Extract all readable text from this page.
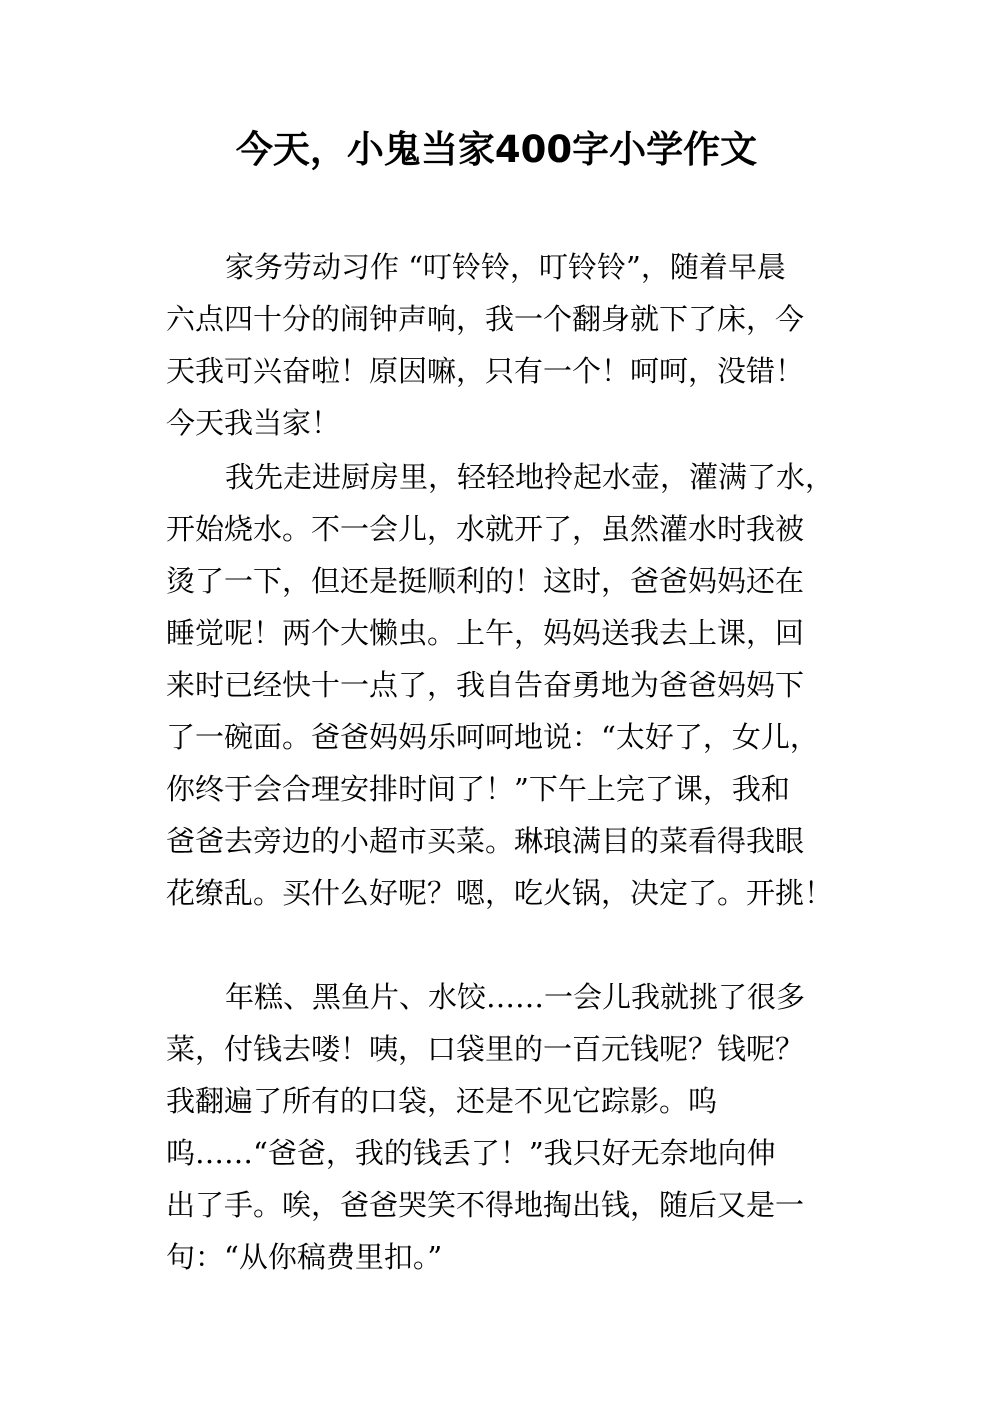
今天，小鬼当家400字小学作文
家务劳动习作 “叮铃铃，叮铃铃”，随着早晨
六点四十分的闹钟声响，我一个翻身就下了床，今
天我可兴奋啦！原因嘛，只有一个！呵呵，没错！
今天我当家！
我先走进厨房里，轻轻地拎起水壶，灌满了水，
开始烧水。不一会儿，水就开了，虽然灌水时我被
烫了一下，但还是挺顺利的！这时，爸爸妈妈还在
睡觉呢！两个大懒虫。上午，妈妈送我去上课，回
来时已经快十一点了，我自告奋勇地为爸爸妈妈下
了一碗面。爸爸妈妈乐呵呵地说：“太好了，女儿，
你终于会合理安排时间了！”下午上完了课，我和
爸爸去旁边的小超市买菜。琳琅满目的菜看得我眼
花缭乱。买什么好呢？嗯，吃火锅，决定了。开挑！
年糕、黑鱼片、水饺……一会儿我就挑了很多
菜，付钱去喽！咦，口袋里的一百元钱呢？钱呢？
我翻遍了所有的口袋，还是不见它踪影。呜
呜……“爸爸，我的钱丢了！”我只好无奈地向伸
出了手。唉，爸爸哭笑不得地掏出钱，随后又是一
句：“从你稿费里扣。”
